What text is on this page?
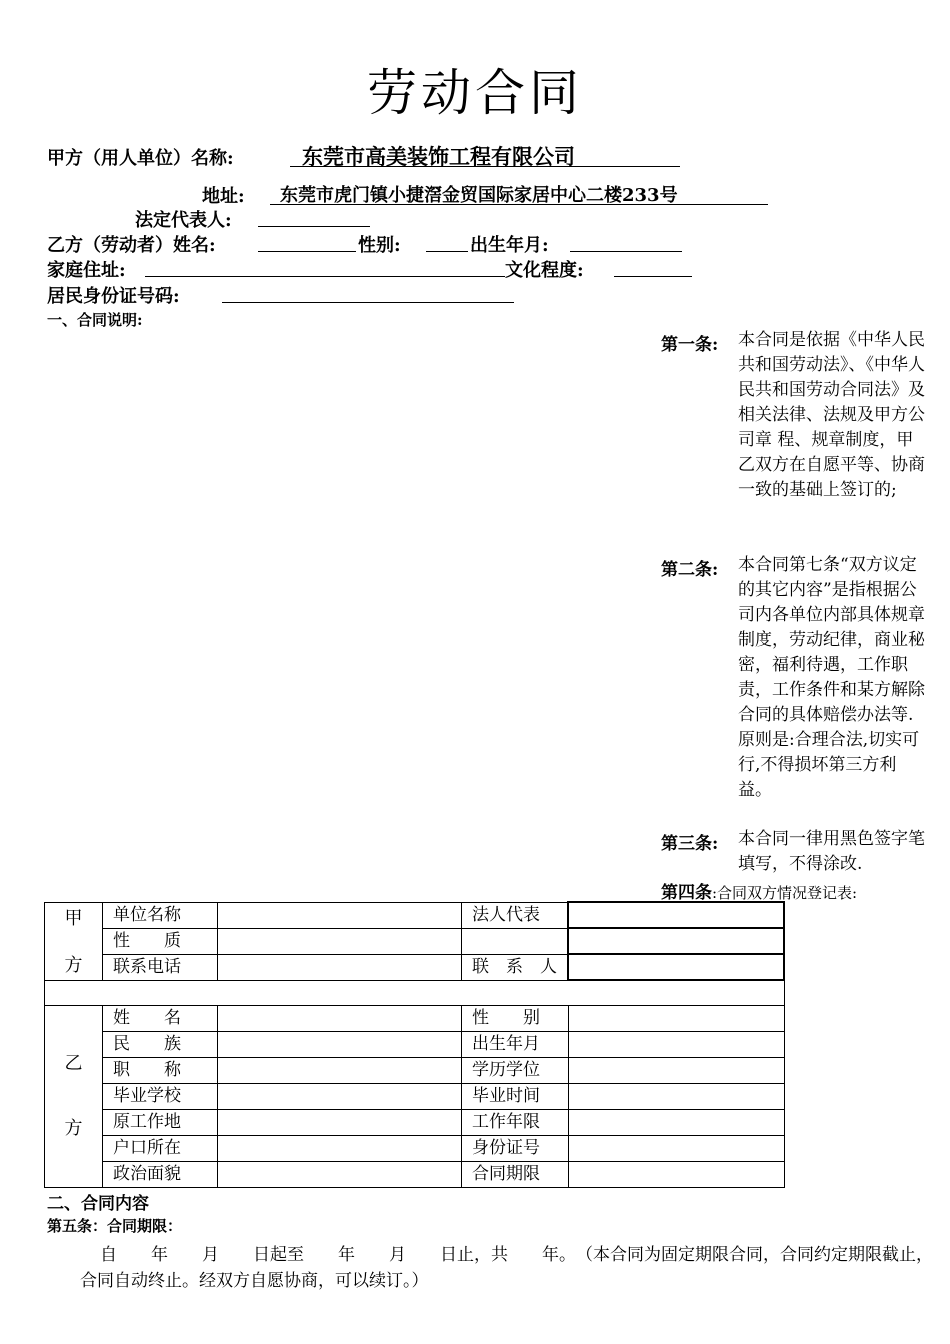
劳动合同
甲方（用人单位）名称:	东莞市高美装饰工程有限公司
地址: 东莞市虎门镇小捷滘金贸国际家居中心二楼233号
法定代表人:
乙方（劳动者）姓名:	性别:	出生年月:
家庭住址:	文化程度:
居民身份证号码:
一、合同说明:
第一条: 本合同是依据《中华人民共和国劳动法》、《中华人民共和国劳动合同法》及相关法律、法规及甲方公司章 程、规章制度，甲乙双方在自愿平等、协商一致的基础上签订的;
第二条: 本合同第七条“双方议定的其它内容”是指根据公司内各单位内部具体规章制度，劳动纪律，商业秘密，福利待遇，工作职责，工作条件和某方解除合同的具体赔偿办法等.原则是:合理合法,切实可行,不得损坏第三方利益。
第三条: 本合同一律用黑色签字笔填写，不得涂改.
第四条:合同双方情况登记表:
甲
方	单位名称		法人代表	
	性　　质			
	联系电话		联　系　人	

乙
方	姓　　名		性　　别	
	民　　族		出生年月	
	职　　称		学历学位	
	毕业学校		毕业时间	
	原工作地		工作年限	
	户口所在		身份证号	
	政治面貌		合同期限	
二、合同内容
第五条：合同期限：
自　　年　　月　　日起至　　年　　月　　日止，共　　年。　（本合同为固定期限合同，合同约定期限截止，
合同自动终止。经双方自愿协商，可以续订。）
